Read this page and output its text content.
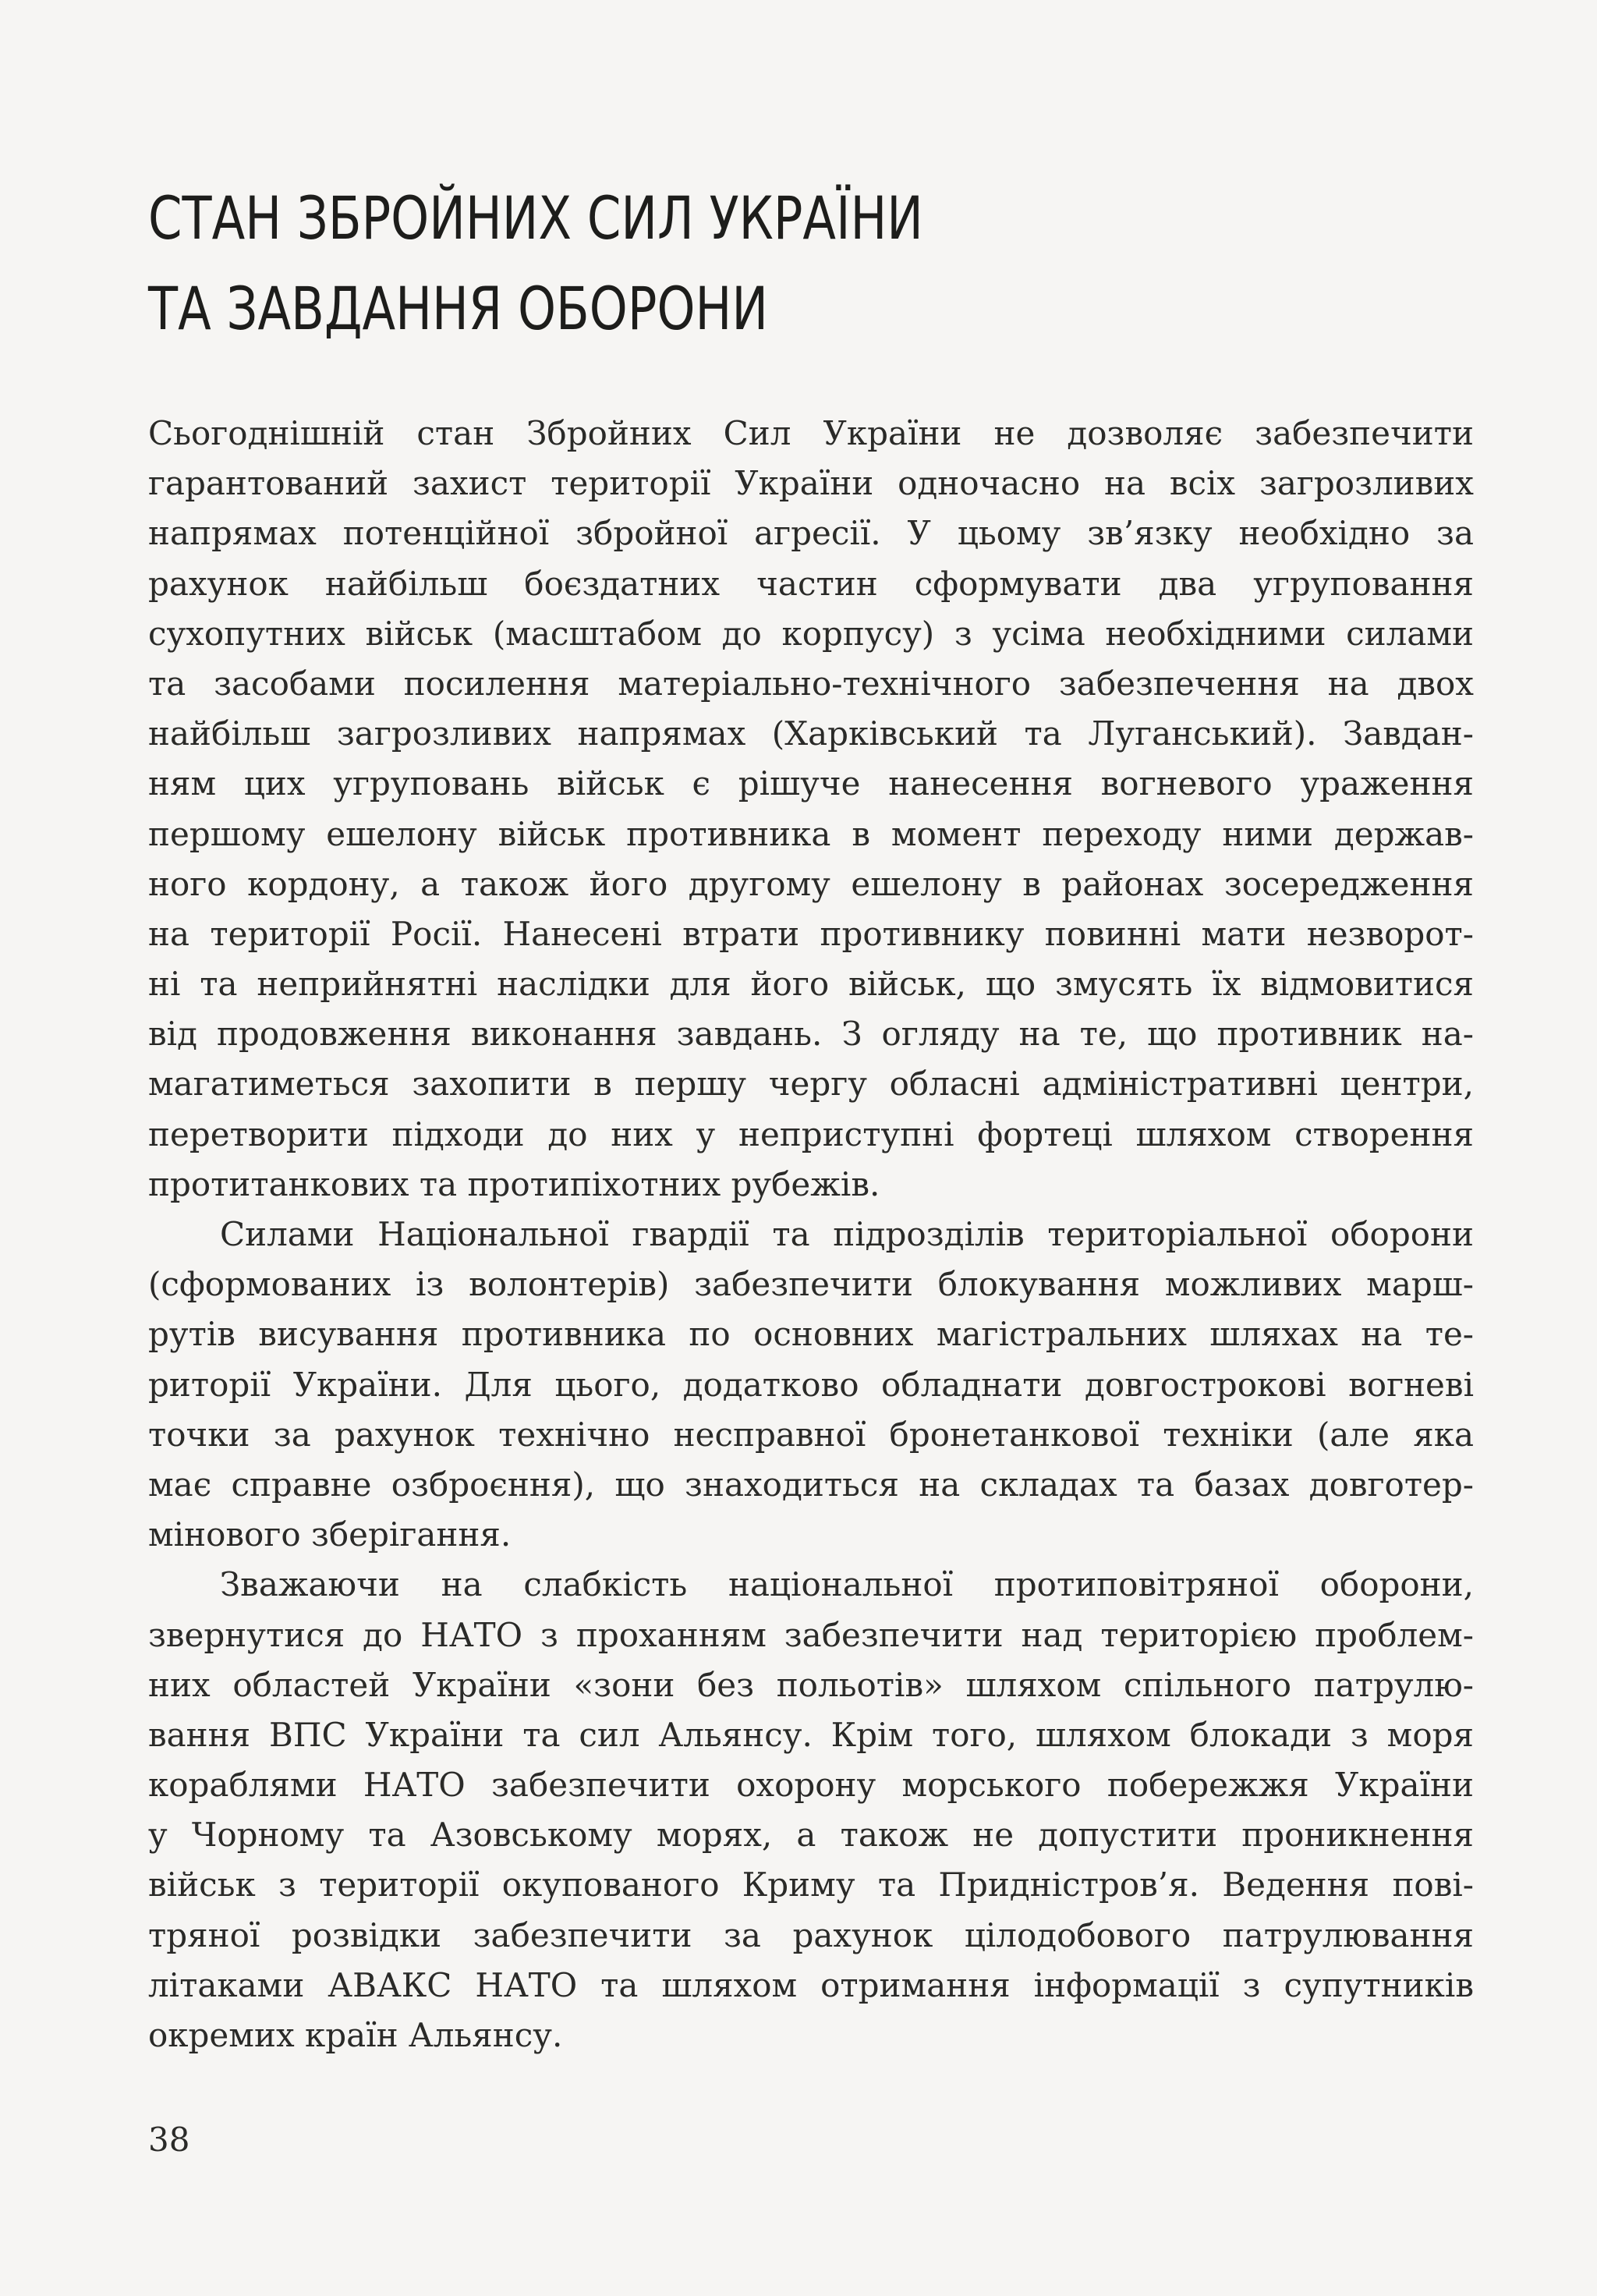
СТАН ЗБРОЙНИХ СИЛ УКРАЇНИ
ТА ЗАВДАННЯ ОБОРОНИ
Сьогоднішній стан Збройних Сил України не дозволяє забезпечити
гарантований захист території України одночасно на всіх загрозливих
напрямах потенційної збройної агресії. У цьому зв’язку необхідно за
рахунок найбільш боєздатних частин сформувати два угруповання
сухопутних військ (масштабом до корпусу) з усіма необхідними силами
та засобами посилення матеріально-технічного забезпечення на двох
найбільш загрозливих напрямах (Харківський та Луганський). Завдан-
ням цих угруповань військ є рішуче нанесення вогневого ураження
першому ешелону військ противника в момент переходу ними держав-
ного кордону, а також його другому ешелону в районах зосередження
на території Росії. Нанесені втрати противнику повинні мати незворот-
ні та неприйнятні наслідки для його військ, що змусять їх відмовитися
від продовження виконання завдань. З огляду на те, що противник на-
магатиметься захопити в першу чергу обласні адміністративні центри,
перетворити підходи до них у неприступні фортеці шляхом створення
протитанкових та протипіхотних рубежів.
Силами Національної гвардії та підрозділів територіальної оборони
(сформованих із волонтерів) забезпечити блокування можливих марш-
рутів висування противника по основних магістральних шляхах на те-
риторії України. Для цього, додатково обладнати довгострокові вогневі
точки за рахунок технічно несправної бронетанкової техніки (але яка
має справне озброєння), що знаходиться на складах та базах довготер-
мінового зберігання.
Зважаючи на слабкість національної протиповітряної оборони,
звернутися до НАТО з проханням забезпечити над територією проблем-
них областей України «зони без польотів» шляхом спільного патрулю-
вання ВПС України та сил Альянсу. Крім того, шляхом блокади з моря
кораблями НАТО забезпечити охорону морського побережжя України
у Чорному та Азовському морях, а також не допустити проникнення
військ з території окупованого Криму та Придністров’я. Ведення пові-
тряної розвідки забезпечити за рахунок цілодобового патрулювання
літаками АВАКС НАТО та шляхом отримання інформації з супутників
окремих країн Альянсу.
38
